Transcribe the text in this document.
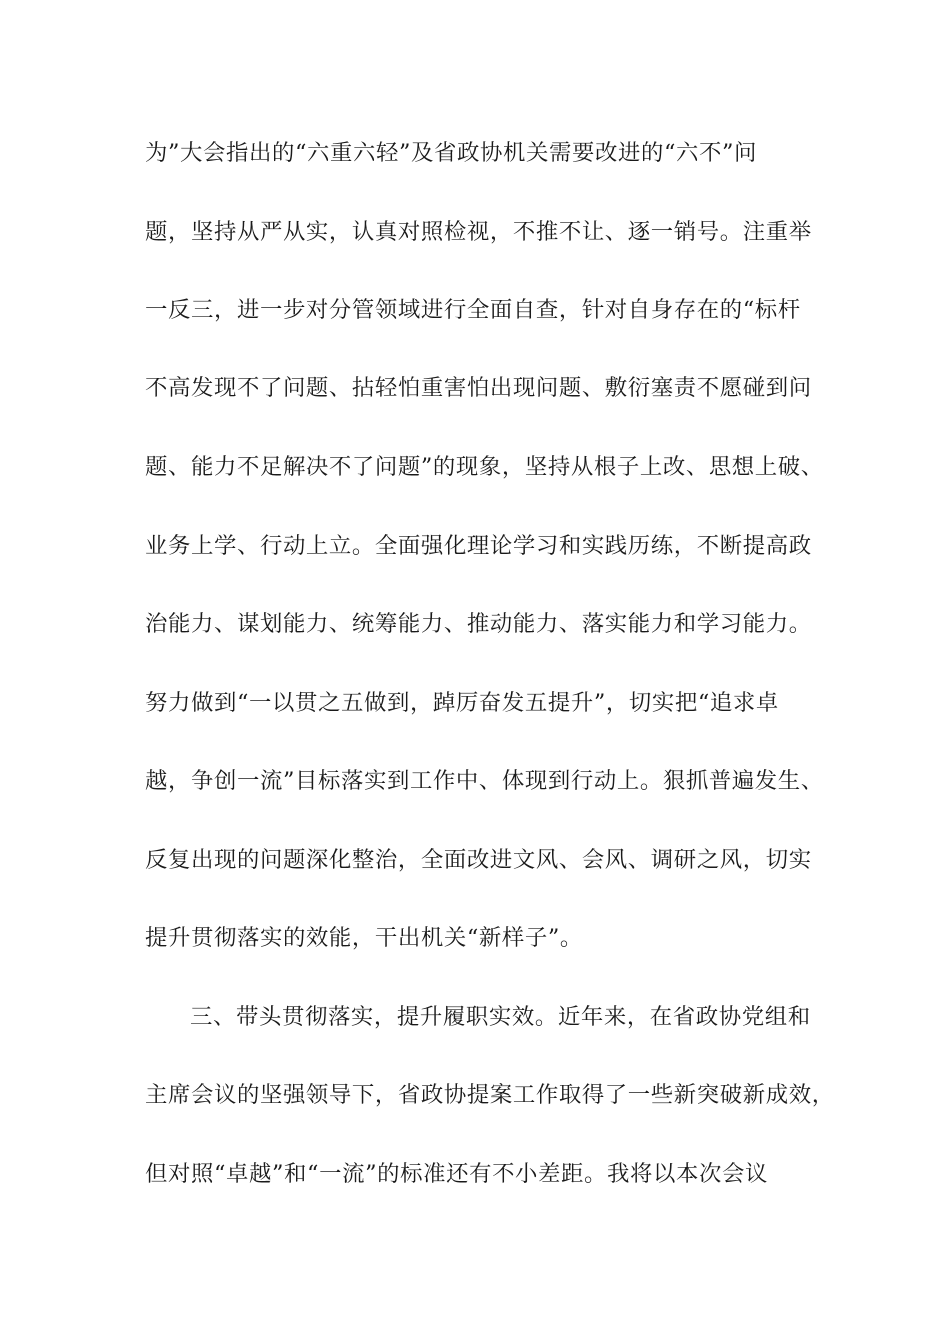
为”大会指出的“六重六轻”及省政协机关需要改进的“六不”问
题，坚持从严从实，认真对照检视，不推不让、逐一销号。注重举
一反三，进一步对分管领域进行全面自查，针对自身存在的“标杆
不高发现不了问题、拈轻怕重害怕出现问题、敷衍塞责不愿碰到问
题、能力不足解决不了问题”的现象，坚持从根子上改、思想上破、
业务上学、行动上立。全面强化理论学习和实践历练，不断提高政
治能力、谋划能力、统筹能力、推动能力、落实能力和学习能力。
努力做到“一以贯之五做到，踔厉奋发五提升”，切实把“追求卓
越，争创一流”目标落实到工作中、体现到行动上。狠抓普遍发生、
反复出现的问题深化整治，全面改进文风、会风、调研之风，切实
提升贯彻落实的效能，干出机关“新样子”。
三、带头贯彻落实，提升履职实效。近年来，在省政协党组和
主席会议的坚强领导下，省政协提案工作取得了一些新突破新成效，
但对照“卓越”和“一流”的标准还有不小差距。我将以本次会议
